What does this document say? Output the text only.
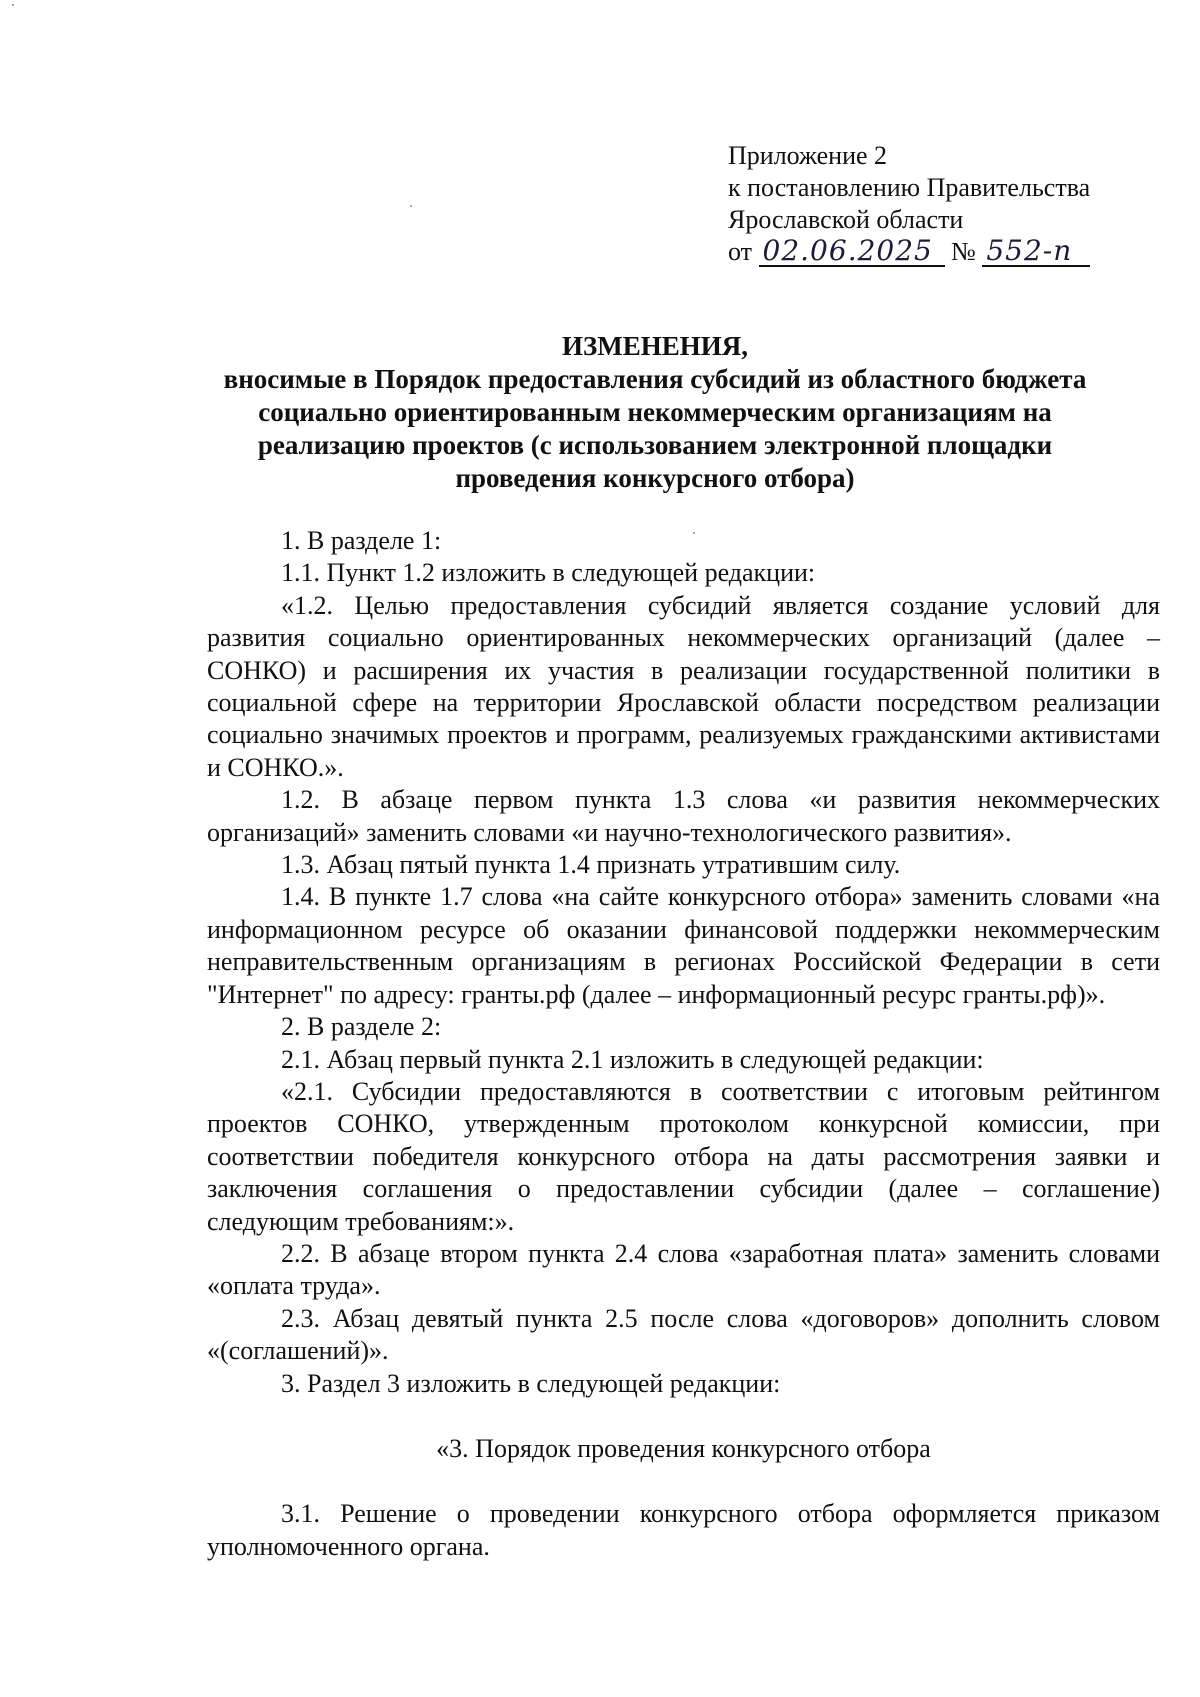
Приложение 2
к постановлению Правительства
Ярославской области
от 02.06.2025 № 552-п
ИЗМЕНЕНИЯ,
вносимые в Порядок предоставления субсидий из областного бюджета
социально ориентированным некоммерческим организациям на
реализацию проектов (с использованием электронной площадки
проведения конкурсного отбора)

1. В разделе 1:

1.1. Пункт 1.2 изложить в следующей редакции:

«1.2. Целью предоставления субсидий является создание условий для развития социально ориентированных некоммерческих организаций (далее – СОНКО) и расширения их участия в реализации государственной политики в социальной сфере на территории Ярославской области посредством реализации социально значимых проектов и программ, реализуемых гражданскими активистами и СОНКО.».

1.2. В абзаце первом пункта 1.3 слова «и развития некоммерческих организаций» заменить словами «и научно-технологического развития».

1.3. Абзац пятый пункта 1.4 признать утратившим силу.

1.4. В пункте 1.7 слова «на сайте конкурсного отбора» заменить словами «на информационном ресурсе об оказании финансовой поддержки некоммерческим неправительственным организациям в регионах Российской Федерации в сети "Интернет" по адресу: гранты.рф (далее – информационный ресурс гранты.рф)».

2. В разделе 2:

2.1. Абзац первый пункта 2.1 изложить в следующей редакции:

«2.1. Субсидии предоставляются в соответствии с итоговым рейтингом проектов СОНКО, утвержденным протоколом конкурсной комиссии, при соответствии победителя конкурсного отбора на даты рассмотрения заявки и заключения соглашения о предоставлении субсидии (далее – соглашение) следующим требованиям:».

2.2. В абзаце втором пункта 2.4 слова «заработная плата» заменить словами «оплата труда».

2.3. Абзац девятый пункта 2.5 после слова «договоров» дополнить словом «(соглашений)».

3. Раздел 3 изложить в следующей редакции:

«3. Порядок проведения конкурсного отбора

3.1. Решение о проведении конкурсного отбора оформляется приказом уполномоченного органа.
